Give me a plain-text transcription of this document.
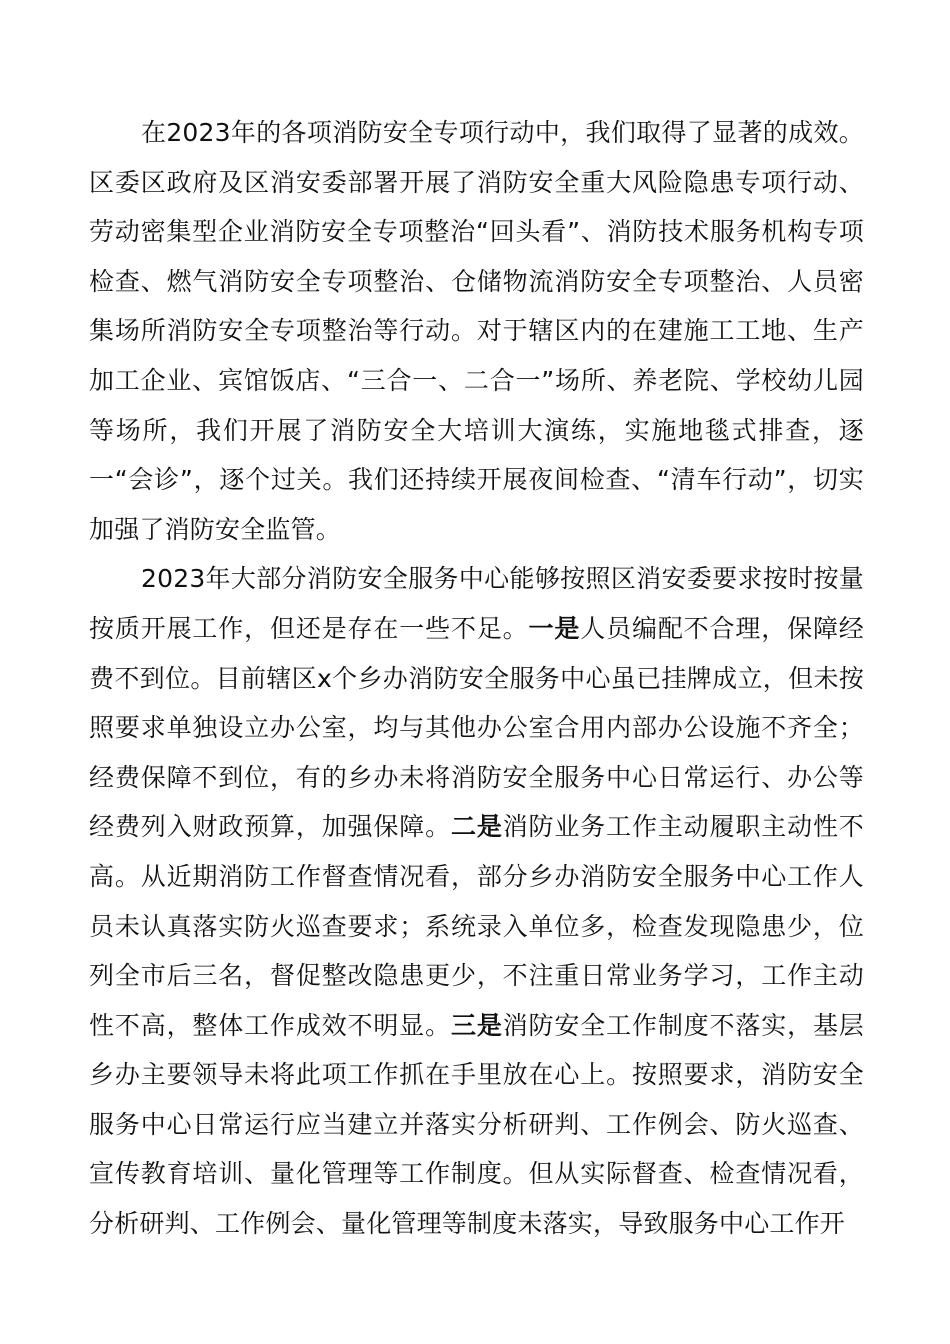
在2023年的各项消防安全专项行动中，我们取得了显著的成效。区委区政府及区消安委部署开展了消防安全重大风险隐患专项行动、劳动密集型企业消防安全专项整治“回头看”、消防技术服务机构专项检查、燃气消防安全专项整治、仓储物流消防安全专项整治、人员密集场所消防安全专项整治等行动。对于辖区内的在建施工工地、生产加工企业、宾馆饭店、“三合一、二合一”场所、养老院、学校幼儿园等场所，我们开展了消防安全大培训大演练，实施地毯式排查，逐一“会诊”，逐个过关。我们还持续开展夜间检查、“清车行动”，切实加强了消防安全监管。

2023年大部分消防安全服务中心能够按照区消安委要求按时按量按质开展工作，但还是存在一些不足。一是人员编配不合理，保障经费不到位。目前辖区x个乡办消防安全服务中心虽已挂牌成立，但未按照要求单独设立办公室，均与其他办公室合用内部办公设施不齐全；经费保障不到位，有的乡办未将消防安全服务中心日常运行、办公等经费列入财政预算，加强保障。二是消防业务工作主动履职主动性不高。从近期消防工作督查情况看，部分乡办消防安全服务中心工作人员未认真落实防火巡查要求；系统录入单位多，检查发现隐患少，位列全市后三名，督促整改隐患更少，不注重日常业务学习，工作主动性不高，整体工作成效不明显。三是消防安全工作制度不落实，基层乡办主要领导未将此项工作抓在手里放在心上。按照要求，消防安全服务中心日常运行应当建立并落实分析研判、工作例会、防火巡查、宣传教育培训、量化管理等工作制度。但从实际督查、检查情况看，分析研判、工作例会、量化管理等制度未落实，导致服务中心工作开
